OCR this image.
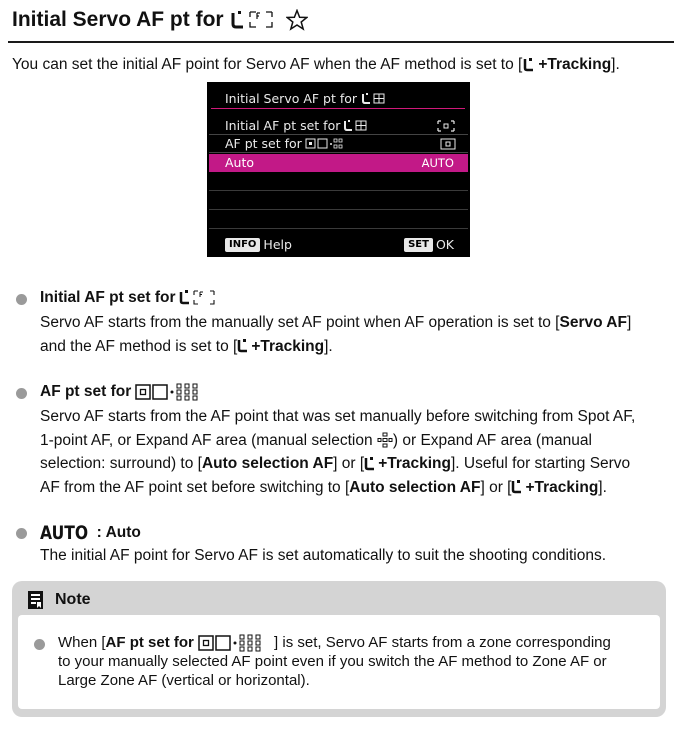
Initial Servo AF pt for
You can set the initial AF point for Servo AF when the AF method is set to [ +Tracking].
Initial Servo AF pt for
Initial AF pt set for
AF pt set for
Auto	AUTO
INFO Help	SET OK
Initial AF pt set for
Servo AF starts from the manually set AF point when AF operation is set to [ Servo AF ]
and the AF method is set to [ +Tracking ].
AF pt set for
Servo AF starts from the AF point that was set manually before switching from Spot AF,
1-point AF, or Expand AF area (manual selection
) or Expand AF area (manual
selection: surround) to [ Auto selection AF ] or [ +Tracking ]. Useful for starting Servo
AF from the AF point set before switching to [ Auto selection AF ] or [ +Tracking ].
AUTO : Auto
The initial AF point for Servo AF is set automatically to suit the shooting conditions.
Note
When [ AF pt set for
	] is set, Servo AF starts from a zone corresponding
to your manually selected AF point even if you switch the AF method to Zone AF or
Large Zone AF (vertical or horizontal).
